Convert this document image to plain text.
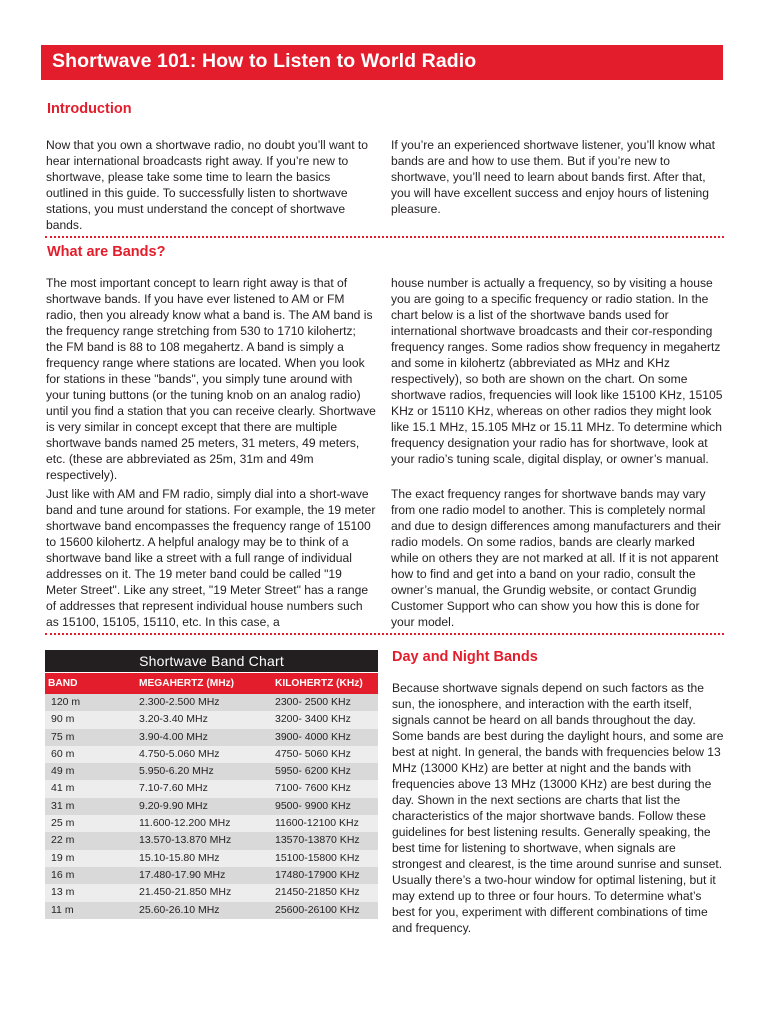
Shortwave 101: How to Listen to World Radio
Introduction

Now that you own a shortwave radio, no doubt you’ll want to hear international broadcasts right away. If you’re new to shortwave, please take some time to learn the basics outlined in this guide. To successfully listen to shortwave stations, you must understand the concept of shortwave bands.

If you’re an experienced shortwave listener, you’ll know what bands are and how to use them. But if you’re new to shortwave, you’ll need to learn about bands first. After that, you will have excellent success and enjoy hours of listening pleasure.

What are Bands?

The most important concept to learn right away is that of shortwave bands. If you have ever listened to AM or FM radio, then you already know what a band is. The AM band is the frequency range stretching from 530 to 1710 kilohertz; the FM band is 88 to 108 megahertz. A band is simply a frequency range where stations are located. When you look for stations in these "bands", you simply tune around with your tuning buttons (or the tuning knob on an analog radio) until you find a station that you can receive clearly. Shortwave is very similar in concept except that there are multiple shortwave bands named 25 meters, 31 meters, 49 meters, etc. (these are abbreviated as 25m, 31m and 49m respectively).

Just like with AM and FM radio, simply dial into a short-wave band and tune around for stations. For example, the 19 meter shortwave band encompasses the frequency range of 15100 to 15600 kilohertz. A helpful analogy may be to think of a shortwave band like a street with a full range of individual addresses on it. The 19 meter band could be called "19 Meter Street". Like any street, "19 Meter Street" has a range of addresses that represent individual house numbers such as 15100, 15105, 15110, etc. In this case, a

house number is actually a frequency, so by visiting a house you are going to a specific frequency or radio station. In the chart below is a list of the shortwave bands used for international shortwave broadcasts and their cor-responding frequency ranges. Some radios show frequency in megahertz and some in kilohertz (abbreviated as MHz and KHz respectively), so both are shown on the chart. On some shortwave radios, frequencies will look like 15100 KHz, 15105 KHz or 15110 KHz, whereas on other radios they might look like 15.1 MHz, 15.105 MHz or 15.11 MHz. To determine which frequency designation your radio has for shortwave, look at your radio’s tuning scale, digital display, or owner’s manual.

The exact frequency ranges for shortwave bands may vary from one radio model to another. This is completely normal and due to design differences among manufacturers and their radio models. On some radios, bands are clearly marked while on others they are not marked at all. If it is not apparent how to find and get into a band on your radio, consult the owner’s manual, the Grundig website, or contact Grundig Customer Support who can show you how this is done for your model.

Shortwave Band Chart
BAND	MEGAHERTZ (MHz)	KILOHERTZ (KHz)
120 m	2.300-2.500 MHz	2300- 2500 KHz
90 m	3.20-3.40 MHz	3200- 3400 KHz
75 m	3.90-4.00 MHz	3900- 4000 KHz
60 m	4.750-5.060 MHz	4750- 5060 KHz
49 m	5.950-6.20 MHz	5950- 6200 KHz
41 m	7.10-7.60 MHz	7100- 7600 KHz
31 m	9.20-9.90 MHz	9500- 9900 KHz
25 m	11.600-12.200 MHz	11600-12100 KHz
22 m	13.570-13.870 MHz	13570-13870 KHz
19 m	15.10-15.80 MHz	15100-15800 KHz
16 m	17.480-17.90 MHz	17480-17900 KHz
13 m	21.450-21.850 MHz	21450-21850 KHz
11 m	25.60-26.10 MHz	25600-26100 KHz
Day and Night Bands

Because shortwave signals depend on such factors as the sun, the ionosphere, and interaction with the earth itself, signals cannot be heard on all bands throughout the day. Some bands are best during the daylight hours, and some are best at night. In general, the bands with frequencies below 13 MHz (13000 KHz) are better at night and the bands with frequencies above 13 MHz (13000 KHz) are best during the day. Shown in the next sections are charts that list the characteristics of the major shortwave bands. Follow these guidelines for best listening results. Generally speaking, the best time for listening to shortwave, when signals are strongest and clearest, is the time around sunrise and sunset. Usually there’s a two-hour window for optimal listening, but it may extend up to three or four hours. To determine what’s best for you, experiment with different combinations of time and frequency.
